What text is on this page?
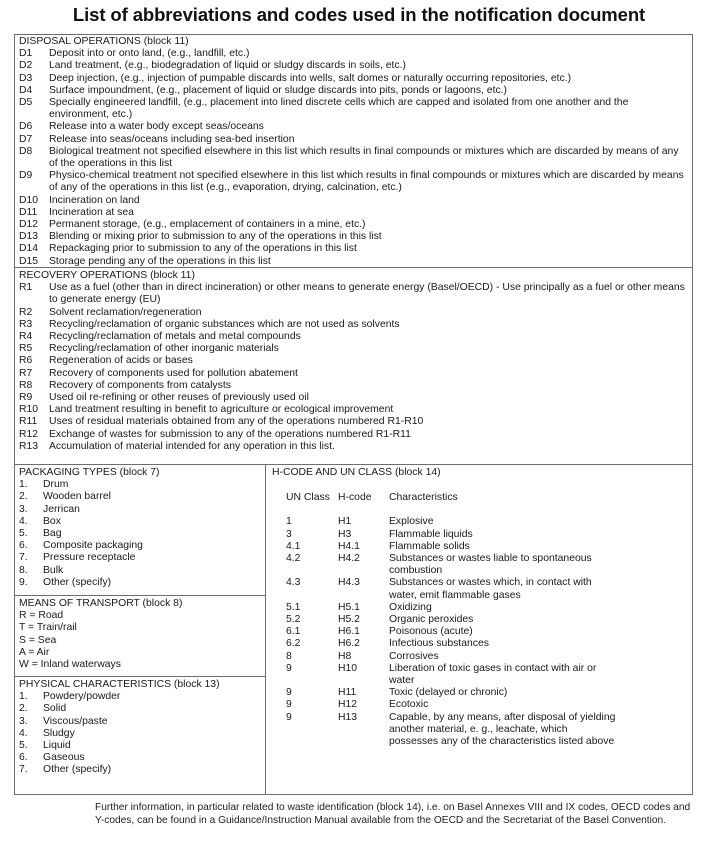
List of abbreviations and codes used in the notification document
DISPOSAL OPERATIONS (block 11)
D1	Deposit into or onto land, (e.g., landfill, etc.)
D2	Land treatment, (e.g., biodegradation of liquid or sludgy discards in soils, etc.)
D3	Deep injection, (e.g., injection of pumpable discards into wells, salt domes or naturally occurring repositories, etc.)
D4	Surface impoundment, (e.g., placement of liquid or sludge discards into pits, ponds or lagoons, etc.)
D5	Specially engineered landfill, (e.g., placement into lined discrete cells which are capped and isolated from one another and the environment, etc.)
D6	Release into a water body except seas/oceans
D7	Release into seas/oceans including sea-bed insertion
D8	Biological treatment not specified elsewhere in this list which results in final compounds or mixtures which are discarded by means of any of the operations in this list
D9	Physico-chemical treatment not specified elsewhere in this list which results in final compounds or mixtures which are discarded by means of any of the operations in this list (e.g., evaporation, drying, calcination, etc.)
D10	Incineration on land
D11	Incineration at sea
D12	Permanent storage, (e.g., emplacement of containers in a mine, etc.)
D13	Blending or mixing prior to submission to any of the operations in this list
D14	Repackaging prior to submission to any of the operations in this list
D15	Storage pending any of the operations in this list
RECOVERY OPERATIONS (block 11)
R1	Use as a fuel (other than in direct incineration) or other means to generate energy (Basel/OECD) - Use principally as a fuel or other means to generate energy (EU)
R2	Solvent reclamation/regeneration
R3	Recycling/reclamation of organic substances which are not used as solvents
R4	Recycling/reclamation of metals and metal compounds
R5	Recycling/reclamation of other inorganic materials
R6	Regeneration of acids or bases
R7	Recovery of components used for pollution abatement
R8	Recovery of components from catalysts
R9	Used oil re-refining or other reuses of previously used oil
R10	Land treatment resulting in benefit to agriculture or ecological improvement
R11	Uses of residual materials obtained from any of the operations numbered R1-R10
R12	Exchange of wastes for submission to any of the operations numbered R1-R11
R13	Accumulation of material intended for any operation in this list.
PACKAGING TYPES (block 7)
1.	Drum
2.	Wooden barrel
3.	Jerrican
4.	Box
5.	Bag
6.	Composite packaging
7.	Pressure receptacle
8.	Bulk
9.	Other (specify)
MEANS OF TRANSPORT (block 8)
R = Road
T = Train/rail
S = Sea
A = Air
W = Inland waterways
PHYSICAL CHARACTERISTICS (block 13)
1.	Powdery/powder
2.	Solid
3.	Viscous/paste
4.	Sludgy
5.	Liquid
6.	Gaseous
7.	Other (specify)
H-CODE AND UN CLASS (block 14)
UN Class H-code	Characteristics
1	H1	Explosive
3	H3	Flammable liquids
4.1	H4.1	Flammable solids
4.2	H4.2	Substances or wastes liable to spontaneous combustion
4.3	H4.3	Substances or wastes which, in contact with water, emit flammable gases
5.1	H5.1	Oxidizing
5.2	H5.2	Organic peroxides
6.1	H6.1	Poisonous (acute)
6.2	H6.2	Infectious substances
8	H8	Corrosives
9	H10	Liberation of toxic gases in contact with air or water
9	H11	Toxic (delayed or chronic)
9	H12	Ecotoxic
9	H13	Capable, by any means, after disposal of yielding another material, e. g., leachate, which possesses any of the characteristics listed above
Further information, in particular related to waste identification (block 14), i.e. on Basel Annexes VIII and IX codes, OECD codes and Y-codes, can be found in a Guidance/Instruction Manual available from the OECD and the Secretariat of the Basel Convention.
